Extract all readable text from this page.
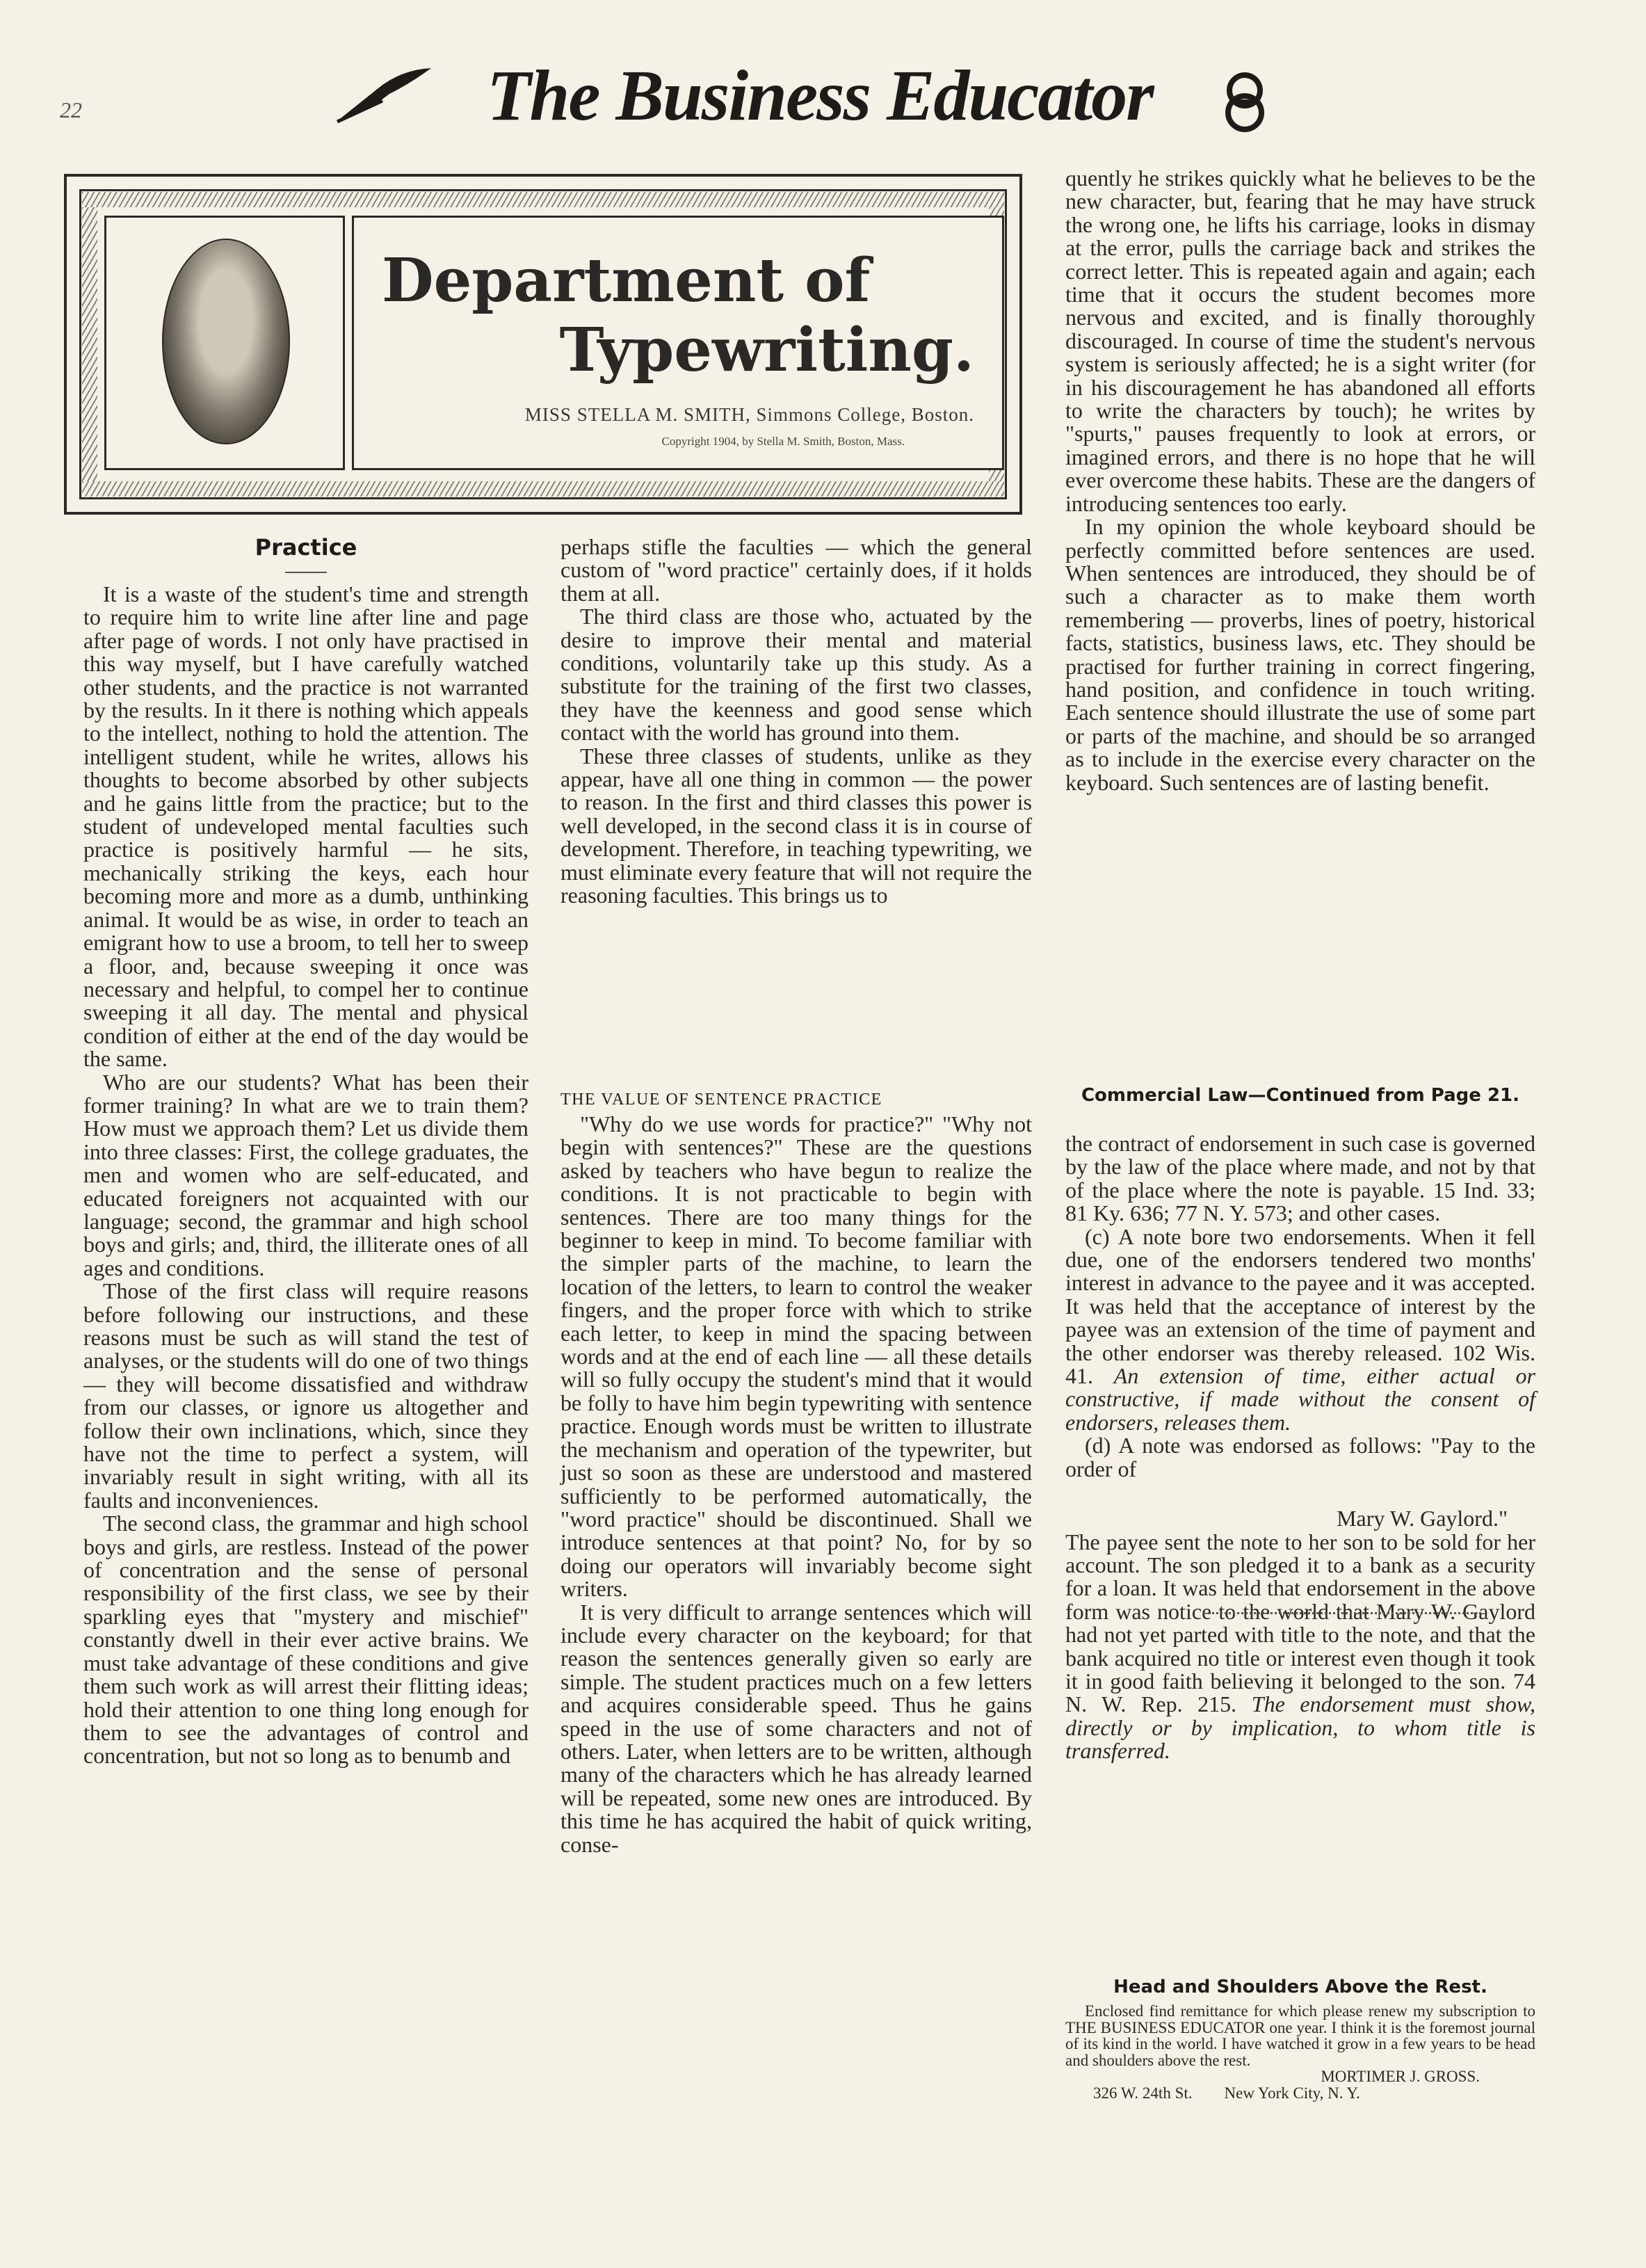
22	The Business Educator
Department of
Typewriting.
MISS STELLA M. SMITH, Simmons College, Boston.
Copyright 1904, by Stella M. Smith, Boston, Mass.
Practice

It is a waste of the student's time and strength to require him to write line after line and page after page of words. I not only have practised in this way myself, but I have carefully watched other students, and the practice is not warranted by the results. In it there is nothing which appeals to the intellect, nothing to hold the attention. The intelligent student, while he writes, allows his thoughts to become absorbed by other subjects and he gains little from the practice; but to the student of undeveloped mental faculties such practice is positively harmful — he sits, mechanically striking the keys, each hour becoming more and more as a dumb, unthinking animal. It would be as wise, in order to teach an emigrant how to use a broom, to tell her to sweep a floor, and, because sweeping it once was necessary and helpful, to compel her to continue sweeping it all day. The mental and physical condition of either at the end of the day would be the same.

Who are our students? What has been their former training? In what are we to train them? How must we approach them? Let us divide them into three classes: First, the college graduates, the men and women who are self-educated, and educated foreigners not acquainted with our language; second, the grammar and high school boys and girls; and, third, the illiterate ones of all ages and conditions.

Those of the first class will require reasons before following our instructions, and these reasons must be such as will stand the test of analyses, or the students will do one of two things — they will become dissatisfied and withdraw from our classes, or ignore us altogether and follow their own inclinations, which, since they have not the time to perfect a system, will invariably result in sight writing, with all its faults and inconveniences.

The second class, the grammar and high school boys and girls, are restless. Instead of the power of concentration and the sense of personal responsibility of the first class, we see by their sparkling eyes that "mystery and mischief" constantly dwell in their ever active brains. We must take advantage of these conditions and give them such work as will arrest their flitting ideas; hold their attention to one thing long enough for them to see the advantages of control and concentration, but not so long as to benumb and

perhaps stifle the faculties — which the general custom of "word practice" certainly does, if it holds them at all.

The third class are those who, actuated by the desire to improve their mental and material conditions, voluntarily take up this study. As a substitute for the training of the first two classes, they have the keenness and good sense which contact with the world has ground into them.

These three classes of students, unlike as they appear, have all one thing in common — the power to reason. In the first and third classes this power is well developed, in the second class it is in course of development. Therefore, in teaching typewriting, we must eliminate every feature that will not require the reasoning faculties. This brings us to

THE VALUE OF SENTENCE PRACTICE

"Why do we use words for practice?" "Why not begin with sentences?" These are the questions asked by teachers who have begun to realize the conditions. It is not practicable to begin with sentences. There are too many things for the beginner to keep in mind. To become familiar with the simpler parts of the machine, to learn the location of the letters, to learn to control the weaker fingers, and the proper force with which to strike each letter, to keep in mind the spacing between words and at the end of each line — all these details will so fully occupy the student's mind that it would be folly to have him begin typewriting with sentence practice. Enough words must be written to illustrate the mechanism and operation of the typewriter, but just so soon as these are understood and mastered sufficiently to be performed automatically, the "word practice" should be discontinued. Shall we introduce sentences at that point? No, for by so doing our operators will invariably become sight writers.

It is very difficult to arrange sentences which will include every character on the keyboard; for that reason the sentences generally given so early are simple. The student practices much on a few letters and acquires considerable speed. Thus he gains speed in the use of some characters and not of others. Later, when letters are to be written, although many of the characters which he has already learned will be repeated, some new ones are introduced. By this time he has acquired the habit of quick writing, conse-

quently he strikes quickly what he believes to be the new character, but, fearing that he may have struck the wrong one, he lifts his carriage, looks in dismay at the error, pulls the carriage back and strikes the correct letter. This is repeated again and again; each time that it occurs the student becomes more nervous and excited, and is finally thoroughly discouraged. In course of time the student's nervous system is seriously affected; he is a sight writer (for in his discouragement he has abandoned all efforts to write the characters by touch); he writes by "spurts," pauses frequently to look at errors, or imagined errors, and there is no hope that he will ever overcome these habits. These are the dangers of introducing sentences too early.

In my opinion the whole keyboard should be perfectly committed before sentences are used. When sentences are introduced, they should be of such a character as to make them worth remembering — proverbs, lines of poetry, historical facts, statistics, business laws, etc. They should be practised for further training in correct fingering, hand position, and confidence in touch writing. Each sentence should illustrate the use of some part or parts of the machine, and should be so arranged as to include in the exercise every character on the keyboard. Such sentences are of lasting benefit.

Commercial Law—Continued from Page 21.

the contract of endorsement in such case is governed by the law of the place where made, and not by that of the place where the note is payable. 15 Ind. 33; 81 Ky. 636; 77 N. Y. 573; and other cases.

(c) A note bore two endorsements. When it fell due, one of the endorsers tendered two months' interest in advance to the payee and it was accepted. It was held that the acceptance of interest by the payee was an extension of the time of payment and the other endorser was thereby released. 102 Wis. 41. An extension of time, either actual or constructive, if made without the consent of endorsers, releases them.

(d) A note was endorsed as follows: "Pay to the order of

Mary W. Gaylord."

The payee sent the note to her son to be sold for her account. The son pledged it to a bank as a security for a loan. It was held that endorsement in the above form was notice to the world that Mary W. Gaylord had not yet parted with title to the note, and that the bank acquired no title or interest even though it took it in good faith believing it belonged to the son. 74 N. W. Rep. 215. The endorsement must show, directly or by implication, to whom title is transferred.

Head and Shoulders Above the Rest.

Enclosed find remittance for which please renew my subscription to THE BUSINESS EDUCATOR one year. I think it is the foremost journal of its kind in the world. I have watched it grow in a few years to be head and shoulders above the rest.

MORTIMER J. GROSS.
326 W. 24th St.        New York City, N. Y.
